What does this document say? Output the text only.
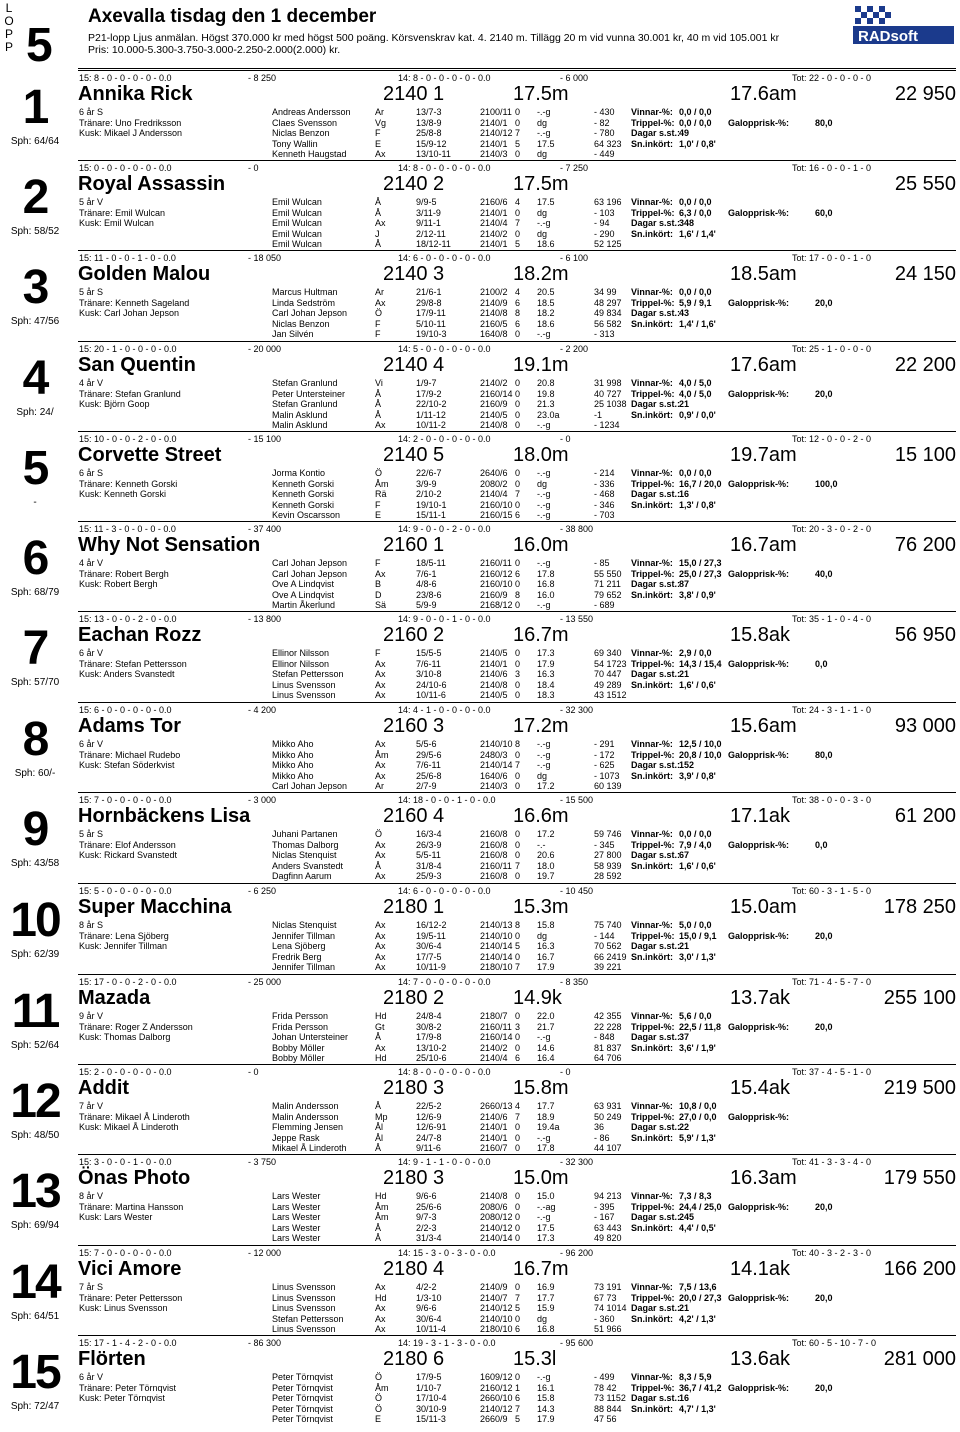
L O P P 5
Axevalla tisdag den 1 december
P21-lopp Ljus anmälan. Högst 370.000 kr med högst 500 poäng. Körsvenskrav kat. 4. 2140 m. Tillägg 20 m vid vunna 30.001 kr, 40 m vid 105.001 kr
Pris: 10.000-5.300-3.750-3.000-2.250-2.000(2.000) kr.
RADsoft
15: 8 - 0 - 0 - 0 - 0 - 0.0	- 8 250	14: 8 - 0 - 0 - 0 - 0 - 0.0	- 6 000	Tot: 22 - 0 - 0 - 0 - 0
1
Sph: 64/64
Annika Rick	2140 1	17.5m	17.6am	22 950
6 år S
Tränare: Uno Fredriksson
Kusk: Mikael J Andersson
Andreas Andersson	Ar	13/7-3	2100/11 0 -.-g	- 430
Claes Svensson	Vg	13/8-9	2140/1 0 dg	- 82
Niclas Benzon	F	25/8-8	2140/12 7 -.-g	- 780
Tony Wallin	E	15/9-12	2140/1 5 17.5	64 323
Kenneth Haugstad	Ax	13/10-11	2140/3 0 dg	- 449
Vinnar-%: 0,0 / 0,0
Trippel-%: 0,0 / 0,0 Galopprisk-%:	80,0
Dagar s.st.:
49
Sn.inkört: 1,0' / 0,8'
15: 0 - 0 - 0 - 0 - 0 - 0.0	- 0	14: 8 - 0 - 0 - 0 - 0 - 0.0	- 7 250	Tot: 16 - 0 - 0 - 1 - 0
2
Sph: 58/52
Royal Assassin	2140 2	17.5m	25 550
5 år V
Tränare: Emil Wulcan
Kusk: Emil Wulcan
Emil Wulcan	Å	9/9-5	2160/6 4 17.5	63 196
Emil Wulcan	Å	3/11-9	2140/1 0 dg	- 103
Emil Wulcan	Ax	9/11-1	2140/4 7 -.-g	- 94
Emil Wulcan	J	2/12-11	2140/2 0 dg	- 290
Emil Wulcan	Å	18/12-11	2140/1 5 18.6	52 125
Vinnar-%: 0,0 / 0,0
Trippel-%: 6,3 / 0,0 Galopprisk-%:	60,0
Dagar s.st.:
348
Sn.inkört: 1,6' / 1,4'
15: 11 - 0 - 0 - 1 - 0 - 0.0	- 18 050	14: 6 - 0 - 0 - 0 - 0 - 0.0	- 6 100	Tot: 17 - 0 - 0 - 1 - 0
3
Sph: 47/56
Golden Malou	2140 3	18.2m	18.5am	24 150
5 år S
Tränare: Kenneth Sageland
Kusk: Carl Johan Jepson
Marcus Hultman	Ar	21/6-1	2100/2 4 20.5	34 99
Linda Sedström	Ax	29/8-8	2140/9 6 18.5	48 297
Carl Johan Jepson	Ö	17/9-11	2140/8 8 18.2	49 834
Niclas Benzon	F	5/10-11	2160/5 6 18.6	56 582
Jan Silvén	F	19/10-3	1640/8 0 -.-g	- 313
Vinnar-%: 0,0 / 0,0
Trippel-%: 5,9 / 9,1 Galopprisk-%:	20,0
Dagar s.st.:
43
Sn.inkört: 1,4' / 1,6'
15: 20 - 1 - 0 - 0 - 0 - 0.0	- 20 000	14: 5 - 0 - 0 - 0 - 0 - 0.0	- 2 200	Tot: 25 - 1 - 0 - 0 - 0
4
Sph: 24/
San Quentin	2140 4	19.1m	17.6am	22 200
4 år V
Tränare: Stefan Granlund
Kusk: Björn Goop
Stefan Granlund	Vi	1/9-7	2140/2 0 20.8	31 998
Peter Untersteiner	Å	17/9-2	2160/14 0 19.8	40 727
Stefan Granlund	Å	22/10-2	2160/9 0 21.3	25 1038
Malin Asklund	Å	1/11-12	2140/5 0 23.0a	-1
Malin Asklund	Ax	10/11-2	2140/8 0 -.-g	- 1234
Vinnar-%: 4,0 / 5,0
Trippel-%: 4,0 / 5,0 Galopprisk-%:	20,0
Dagar s.st.:
21
Sn.inkört: 0,9' / 0,0'
15: 10 - 0 - 0 - 2 - 0 - 0.0	- 15 100	14: 2 - 0 - 0 - 0 - 0 - 0.0	- 0	Tot: 12 - 0 - 0 - 2 - 0
5
-
Corvette Street	2140 5	18.0m	19.7am	15 100
6 år S
Tränare: Kenneth Gorski
Kusk: Kenneth Gorski
Jorma Kontio	Ö	22/6-7	2640/6 0 -.-g	- 214
Kenneth Gorski	Åm	3/9-9	2080/2 0 dg	- 336
Kenneth Gorski	Rä	2/10-2	2140/4 7 -.-g	- 468
Kenneth Gorski	F	19/10-1	2160/10 0 -.-g	- 346
Kevin Oscarsson	E	15/11-1	2160/15 6 -.-g	- 703
Vinnar-%: 0,0 / 0,0
Trippel-%: 16,7 / 20,0 Galopprisk-%:	100,0
Dagar s.st.:
16
Sn.inkört: 1,3' / 0,8'
15: 11 - 3 - 0 - 0 - 0 - 0.0	- 37 400	14: 9 - 0 - 0 - 2 - 0 - 0.0	- 38 800	Tot: 20 - 3 - 0 - 2 - 0
6
Sph: 68/79
Why Not Sensation	2160 1	16.0m	16.7am	76 200
4 år V
Tränare: Robert Bergh
Kusk: Robert Bergh
Carl Johan Jepson	F	18/5-11	2160/11 0 -.-g	- 85
Carl Johan Jepson	Ax	7/6-1	2160/12 6 17.8	55 550
Ove A Lindqvist	B	4/8-6	2160/10 0 16.8	71 211
Ove A Lindqvist	D	23/8-6	2160/9 8 16.0	79 652
Martin Åkerlund	Sä	5/9-9	2168/12 0 -.-g	- 689
Vinnar-%: 15,0 / 27,3
Trippel-%: 25,0 / 27,3 Galopprisk-%:	40,0
Dagar s.st.:
87
Sn.inkört: 3,8' / 0,9'
15: 13 - 0 - 0 - 2 - 0 - 0.0	- 13 800	14: 9 - 0 - 0 - 1 - 0 - 0.0	- 13 550	Tot: 35 - 1 - 0 - 4 - 0
7
Sph: 57/70
Eachan Rozz	2160 2	16.7m	15.8ak	56 950
6 år V
Tränare: Stefan Pettersson
Kusk: Anders Svanstedt
Ellinor Nilsson	F	15/5-5	2140/5 0 17.3	69 340
Ellinor Nilsson	Ax	7/6-11	2140/1 0 17.9	54 1723
Stefan Pettersson	Ax	3/10-8	2140/6 3 16.3	70 447
Linus Svensson	Ax	24/10-6	2140/8 0 18.4	49 289
Linus Svensson	Ax	10/11-6	2140/5 0 18.3	43 1512
Vinnar-%: 2,9 / 0,0
Trippel-%: 14,3 / 15,4 Galopprisk-%:	0,0
Dagar s.st.:
21
Sn.inkört: 1,6' / 0,6'
15: 6 - 0 - 0 - 0 - 0 - 0.0	- 4 200	14: 4 - 1 - 0 - 0 - 0 - 0.0	- 32 300	Tot: 24 - 3 - 1 - 1 - 0
8
Sph: 60/-
Adams Tor	2160 3	17.2m	15.6am	93 000
6 år V
Tränare: Michael Rudebo
Kusk: Stefan Söderkvist
Mikko Aho	Ax	5/5-6	2140/10 8 -.-g	- 291
Mikko Aho	Åm	29/5-6	2480/3 0 -.-g	- 172
Mikko Aho	Ax	7/6-11	2140/14 7 -.-g	- 625
Mikko Aho	Ax	25/6-8	1640/6 0 dg	- 1073
Carl Johan Jepson	Ar	2/7-9	2140/3 0 17.2	60 139
Vinnar-%: 12,5 / 10,0
Trippel-%: 20,8 / 10,0 Galopprisk-%:	80,0
Dagar s.st.:
152
Sn.inkört: 3,9' / 0,8'
15: 7 - 0 - 0 - 0 - 0 - 0.0	- 3 000	14: 18 - 0 - 0 - 1 - 0 - 0.0	- 15 500	Tot: 38 - 0 - 0 - 3 - 0
9
Sph: 43/58
Hornbäckens Lisa	2160 4	16.6m	17.1ak	61 200
5 år S
Tränare: Elof Andersson
Kusk: Rickard Svanstedt
Juhani Partanen	Ö	16/3-4	2160/8 0 17.2	59 746
Thomas Dalborg	Ax	26/3-9	2160/8 0 -.-	- 345
Niclas Stenquist	Ax	5/5-11	2160/8 0 20.6	27 800
Anders Svanstedt	Å	31/8-4	2160/11 7 18.0	58 939
Dagfinn Aarum	Ax	25/9-3	2160/8 0 19.7	28 592
Vinnar-%: 0,0 / 0,0
Trippel-%: 7,9 / 4,0 Galopprisk-%:	0,0
Dagar s.st.:
67
Sn.inkört: 1,6' / 0,6'
15: 5 - 0 - 0 - 0 - 0 - 0.0	- 6 250	14: 6 - 0 - 0 - 0 - 0 - 0.0	- 10 450	Tot: 60 - 3 - 1 - 5 - 0
10
Sph: 62/39
Super Macchina	2180 1	15.3m	15.0am	178 250
8 år S
Tränare: Lena Sjöberg
Kusk: Jennifer Tillman
Niclas Stenquist	Ax	16/12-2	2140/13 8 15.8	75 740
Jennifer Tillman	Ax	19/5-11	2140/10 0 dg	- 144
Lena Sjöberg	Ax	30/6-4	2140/14 5 16.3	70 562
Fredrik Berg	Ax	17/7-5	2140/14 0 16.7	66 2419
Jennifer Tillman	Ax	10/11-9	2180/10 7 17.9	39 221
Vinnar-%: 5,0 / 0,0
Trippel-%: 15,0 / 9,1 Galopprisk-%:	20,0
Dagar s.st.:
21
Sn.inkört: 3,0' / 1,3'
15: 17 - 0 - 0 - 2 - 0 - 0.0	- 25 000	14: 7 - 0 - 0 - 0 - 0 - 0.0	- 8 350	Tot: 71 - 4 - 5 - 7 - 0
11
Sph: 52/64
Mazada	2180 2	14.9k	13.7ak	255 100
9 år V
Tränare: Roger Z Andersson
Kusk: Thomas Dalborg
Frida Persson	Hd	24/8-4	2180/7 0 22.0	42 355
Frida Persson	Gt	30/8-2	2160/11 3 21.7	22 228
Johan Untersteiner	Å	17/9-8	2160/14 0 -.-g	- 848
Bobby Möller	Ax	13/10-2	2140/2 0 14.6	81 837
Bobby Möller	Hd	25/10-6	2140/4 6 16.4	64 706
Vinnar-%: 5,6 / 0,0
Trippel-%: 22,5 / 11,8 Galopprisk-%:	20,0
Dagar s.st.:
37
Sn.inkört: 3,6' / 1,9'
15: 2 - 0 - 0 - 0 - 0 - 0.0	- 0	14: 8 - 0 - 0 - 0 - 0 - 0.0	- 0	Tot: 37 - 4 - 5 - 1 - 0
12
Sph: 48/50
Addit	2180 3	15.8m	15.4ak	219 500
7 år V
Tränare: Mikael Å Linderoth
Kusk: Mikael Å Linderoth
Malin Andersson	Å	22/5-2	2660/13 4 17.7	63 931
Malin Andersson	Mp	12/6-9	2140/6 7 18.9	50 249
Flemming Jensen	Ål	12/6-91	2140/1 0 19.4a	36
Jeppe Rask	Ål	24/7-8	2140/1 0 -.-g	- 86
Mikael Å Linderoth	Å	9/11-6	2160/7 0 17.8	44 107
Vinnar-%: 10,8 / 0,0
Trippel-%: 27,0 / 0,0 Galopprisk-%:
Dagar s.st.:
22
Sn.inkört: 5,9' / 1,3'
15: 3 - 0 - 0 - 1 - 0 - 0.0	- 3 750	14: 9 - 1 - 1 - 0 - 0 - 0.0	- 32 300	Tot: 41 - 3 - 3 - 4 - 0
13
Sph: 69/94
Önas Photo	2180 3	15.0m	16.3am	179 550
8 år V
Tränare: Martina Hansson
Kusk: Lars Wester
Lars Wester	Hd	9/6-6	2140/8 0 15.0	94 213
Lars Wester	Åm	25/6-6	2080/6 0 -.-ag	- 395
Lars Wester	Åm	9/7-3	2080/12 0 -.-g	- 167
Lars Wester	Å	2/2-3	2140/12 0 17.5	63 443
Lars Wester	Å	31/3-4	2140/14 0 17.3	49 820
Vinnar-%: 7,3 / 8,3
Trippel-%: 24,4 / 25,0 Galopprisk-%:	20,0
Dagar s.st.:
245
Sn.inkört: 4,4' / 0,5'
15: 7 - 0 - 0 - 0 - 0 - 0.0	- 12 000	14: 15 - 3 - 0 - 3 - 0 - 0.0	- 96 200	Tot: 40 - 3 - 2 - 3 - 0
14
Sph: 64/51
Vici Amore	2180 4	16.7m	14.1ak	166 200
7 år S
Tränare: Peter Pettersson
Kusk: Linus Svensson
Linus Svensson	Ax	4/2-2	2140/9 0 16.9	73 191
Linus Svensson	Hd	1/3-10	2140/7 7 17.7	67 73
Linus Svensson	Ax	9/6-6	2140/12 5 15.9	74 1014
Stefan Pettersson	Ax	30/6-4	2140/10 0 dg	- 360
Linus Svensson	Ax	10/11-4	2180/10 6 16.8	51 966
Vinnar-%: 7,5 / 13,6
Trippel-%: 20,0 / 27,3 Galopprisk-%:	20,0
Dagar s.st.:
21
Sn.inkört: 4,2' / 1,3'
15: 17 - 1 - 4 - 2 - 0 - 0.0	- 86 300	14: 19 - 3 - 1 - 3 - 0 - 0.0	- 95 600	Tot: 60 - 5 - 10 - 7 - 0
15
Sph: 72/47
Flörten	2180 6	15.3l	13.6ak	281 000
6 år V
Tränare: Peter Törnqvist
Kusk: Peter Törnqvist
Peter Törnqvist	Ö	17/9-5	1609/12 0 -.-g	- 499
Peter Törnqvist	Åm	1/10-7	2160/12 1 16.1	78 42
Peter Törnqvist	Ö	17/10-4	2660/10 6 15.8	73 1152
Peter Törnqvist	Ö	30/10-9	2140/12 7 14.3	88 844
Peter Törnqvist	E	15/11-3	2660/9 5 17.9	47 56
Vinnar-%: 8,3 / 5,9
Trippel-%: 36,7 / 41,2 Galopprisk-%:	20,0
Dagar s.st.:
16
Sn.inkört: 4,7' / 1,3'
